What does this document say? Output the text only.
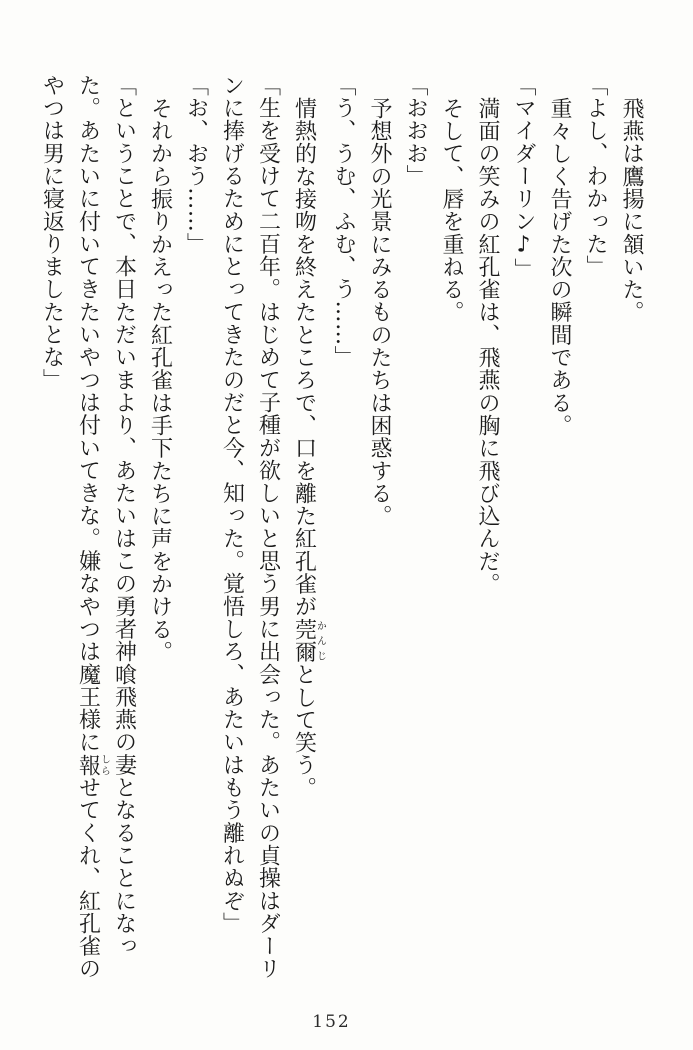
飛燕は鷹揚に頷いた。

「よし、わかった」

重々しく告げた次の瞬間である。

「マイダーリン♪」

満面の笑みの紅孔雀は、飛燕の胸に飛び込んだ。

そして、唇を重ねる。

「おおお」

予想外の光景にみるものたちは困惑する。

「う、うむ、ふむ、う……」

情熱的な接吻を終えたところで、口を離た紅孔雀が莞爾かんじとして笑う。

「生を受けて二百年。はじめて子種が欲しいと思う男に出会った。あたいの貞操はダーリンに捧げるためにとってきたのだと今、知った。覚悟しろ、あたいはもう離れぬぞ」

「お、おう……」

それから振りかえった紅孔雀は手下たちに声をかける。

「ということで、本日ただいまより、あたいはこの勇者神喰飛燕の妻となることになった。あたいに付いてきたいやつは付いてきな。嫌なやつは魔王様に報しらせてくれ、紅孔雀のやつは男に寝返りましたとな」

152
